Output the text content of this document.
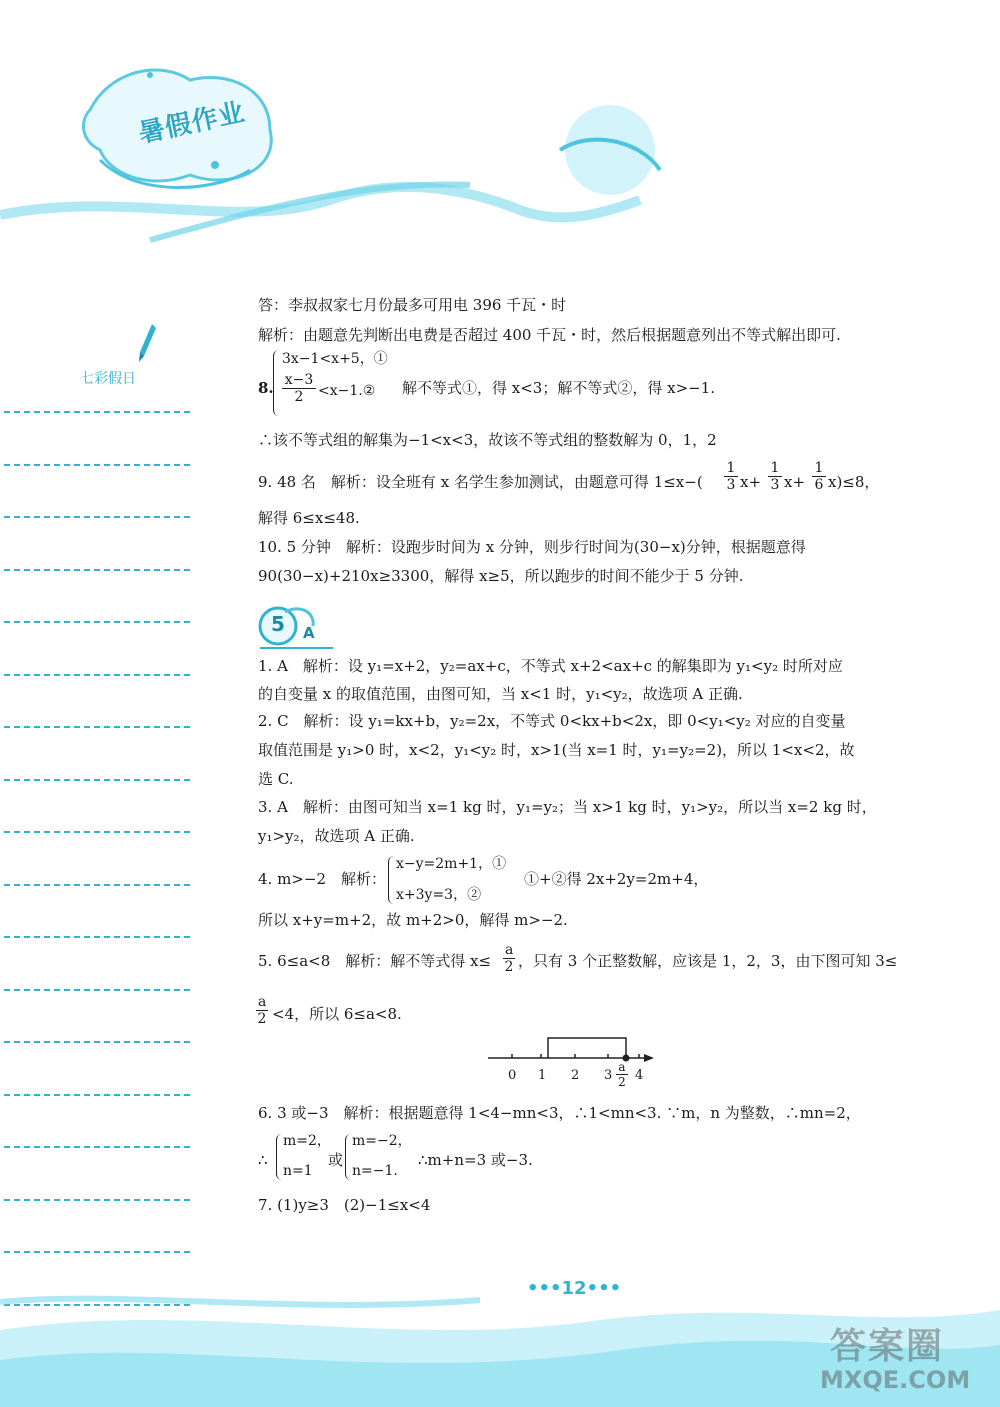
暑假作业
七彩假日
答：李叔叔家七月份最多可用电 396 千瓦・时
解析：由题意先判断出电费是否超过 400 千瓦・时，然后根据题意列出不等式解出即可.
8.
3x−1<x+5，①
$\frac{x-3}{2}$ <x−1.② 解不等式①，得 x<3；解不等式②，得 x>−1.
∴该不等式组的解集为−1<x<3，故该不等式组的整数解为 0，1，2
9. 48 名　解析：设全班有 x 名学生参加测试，由题意可得 $1\le x-( \frac{1}{3} x+ \frac{1}{3} x+ \frac{1}{6} x)\le 8$，
解得 6≤x≤48.
10. 5 分钟　解析：设跑步时间为 x 分钟，则步行时间为(30−x)分钟，根据题意得
90(30−x)+210x≥3300，解得 x≥5，所以跑步的时间不能少于 5 分钟.
5 A
1. A　解析：设 y₁=x+2，y₂=ax+c，不等式 x+2<ax+c 的解集即为 y₁<y₂ 时所对应
的自变量 x 的取值范围，由图可知，当 x<1 时，y₁<y₂，故选项 A 正确.
2. C　解析：设 y₁=kx+b，y₂=2x，不等式 0<kx+b<2x，即 0<y₁<y₂ 对应的自变量
取值范围是 y₁>0 时，x<2，y₁<y₂ 时，x>1(当 x=1 时，y₁=y₂=2)，所以 1<x<2，故
选 C.
3. A　解析：由图可知当 x=1 kg 时，y₁=y₂；当 x>1 kg 时，y₁>y₂，所以当 x=2 kg 时，
y₁>y₂，故选项 A 正确.
4. m>−2　解析：
x−y=2m+1，①
x+3y=3，②
①+②得 2x+2y=2m+4，
所以 x+y=m+2，故 m+2>0，解得 m>−2.
5. 6≤a<8　解析：解不等式得 $x\le \frac{a}{2}$ ，只有 3 个正整数解，应该是 1，2，3，由下图可知 3≤
$\frac{a}{2} <4$，所以 6≤a<8.
0 1 2 $3 \frac{a}{2} 4$
6. 3 或−3　解析：根据题意得 1<4−mn<3，∴1<mn<3. ∵m，n 为整数，∴mn=2，
∴
m=2，
n=1
或
m=−2，
n=−1.
∴m+n=3 或−3.
7. (1)y≥3　(2)−1≤x<4
•••12•••
答案圈
MXQE.COM
